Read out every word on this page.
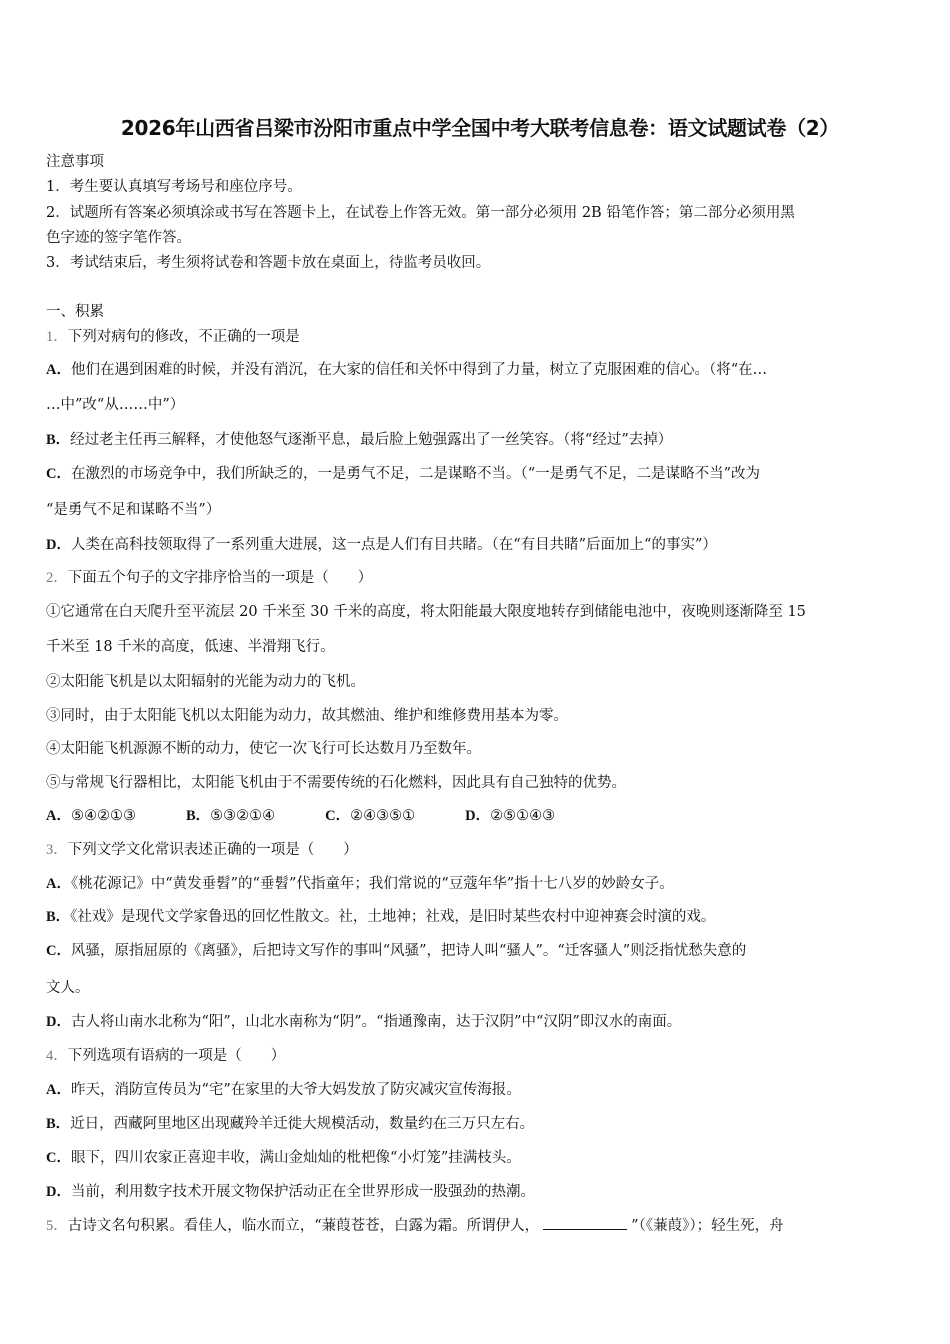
2026年山西省吕梁市汾阳市重点中学全国中考大联考信息卷：语文试题试卷（2）
注意事项
1．考生要认真填写考场号和座位序号。
2．试题所有答案必须填涂或书写在答题卡上，在试卷上作答无效。第一部分必须用 2B 铅笔作答；第二部分必须用黑
色字迹的签字笔作答。
3．考试结束后，考生须将试卷和答题卡放在桌面上，待监考员收回。
一、积累
1．下列对病句的修改，不正确的一项是
A．他们在遇到困难的时候，并没有消沉，在大家的信任和关怀中得到了力量，树立了克服困难的信心。（将“在…
…中”改“从……中”）
B．经过老主任再三解释，才使他怒气逐渐平息，最后脸上勉强露出了一丝笑容。（将“经过”去掉）
C．在激烈的市场竞争中，我们所缺乏的，一是勇气不足，二是谋略不当。（“一是勇气不足，二是谋略不当”改为
“是勇气不足和谋略不当”）
D．人类在高科技领取得了一系列重大进展，这一点是人们有目共睹。（在“有目共睹”后面加上“的事实”）
2．下面五个句子的文字排序恰当的一项是（　　）
①它通常在白天爬升至平流层 20 千米至 30 千米的高度，将太阳能最大限度地转存到储能电池中，夜晚则逐渐降至 15
千米至 18 千米的高度，低速、半滑翔飞行。
②太阳能飞机是以太阳辐射的光能为动力的飞机。
③同时，由于太阳能飞机以太阳能为动力，故其燃油、维护和维修费用基本为零。
④太阳能飞机源源不断的动力，使它一次飞行可长达数月乃至数年。
⑤与常规飞行器相比，太阳能飞机由于不需要传统的石化燃料，因此具有自己独特的优势。
A．⑤④②①③	B．⑤③②①④	C．②④③⑤①	D．②⑤①④③
3．下列文学文化常识表述正确的一项是（　　）
A．《桃花源记》中“黄发垂髫”的“垂髫”代指童年；我们常说的“豆蔻年华”指十七八岁的妙龄女子。
B．《社戏》是现代文学家鲁迅的回忆性散文。社，土地神；社戏，是旧时某些农村中迎神赛会时演的戏。
C．风骚，原指屈原的《离骚》，后把诗文写作的事叫“风骚”，把诗人叫“骚人”。“迁客骚人”则泛指忧愁失意的
文人。
D．古人将山南水北称为“阳”，山北水南称为“阴”。“指通豫南，达于汉阴”中“汉阴”即汉水的南面。
4．下列选项有语病的一项是（　　）
A．昨天，消防宣传员为“宅”在家里的大爷大妈发放了防灾减灾宣传海报。
B．近日，西藏阿里地区出现藏羚羊迁徙大规模活动，数量约在三万只左右。
C．眼下，四川农家正喜迎丰收，满山金灿灿的枇杷像“小灯笼”挂满枝头。
D．当前，利用数字技术开展文物保护活动正在全世界形成一股强劲的热潮。
5．古诗文名句积累。看佳人，临水而立，“蒹葭苍苍，白露为霜。所谓伊人，	”（《蒹葭》）；轻生死，舟
